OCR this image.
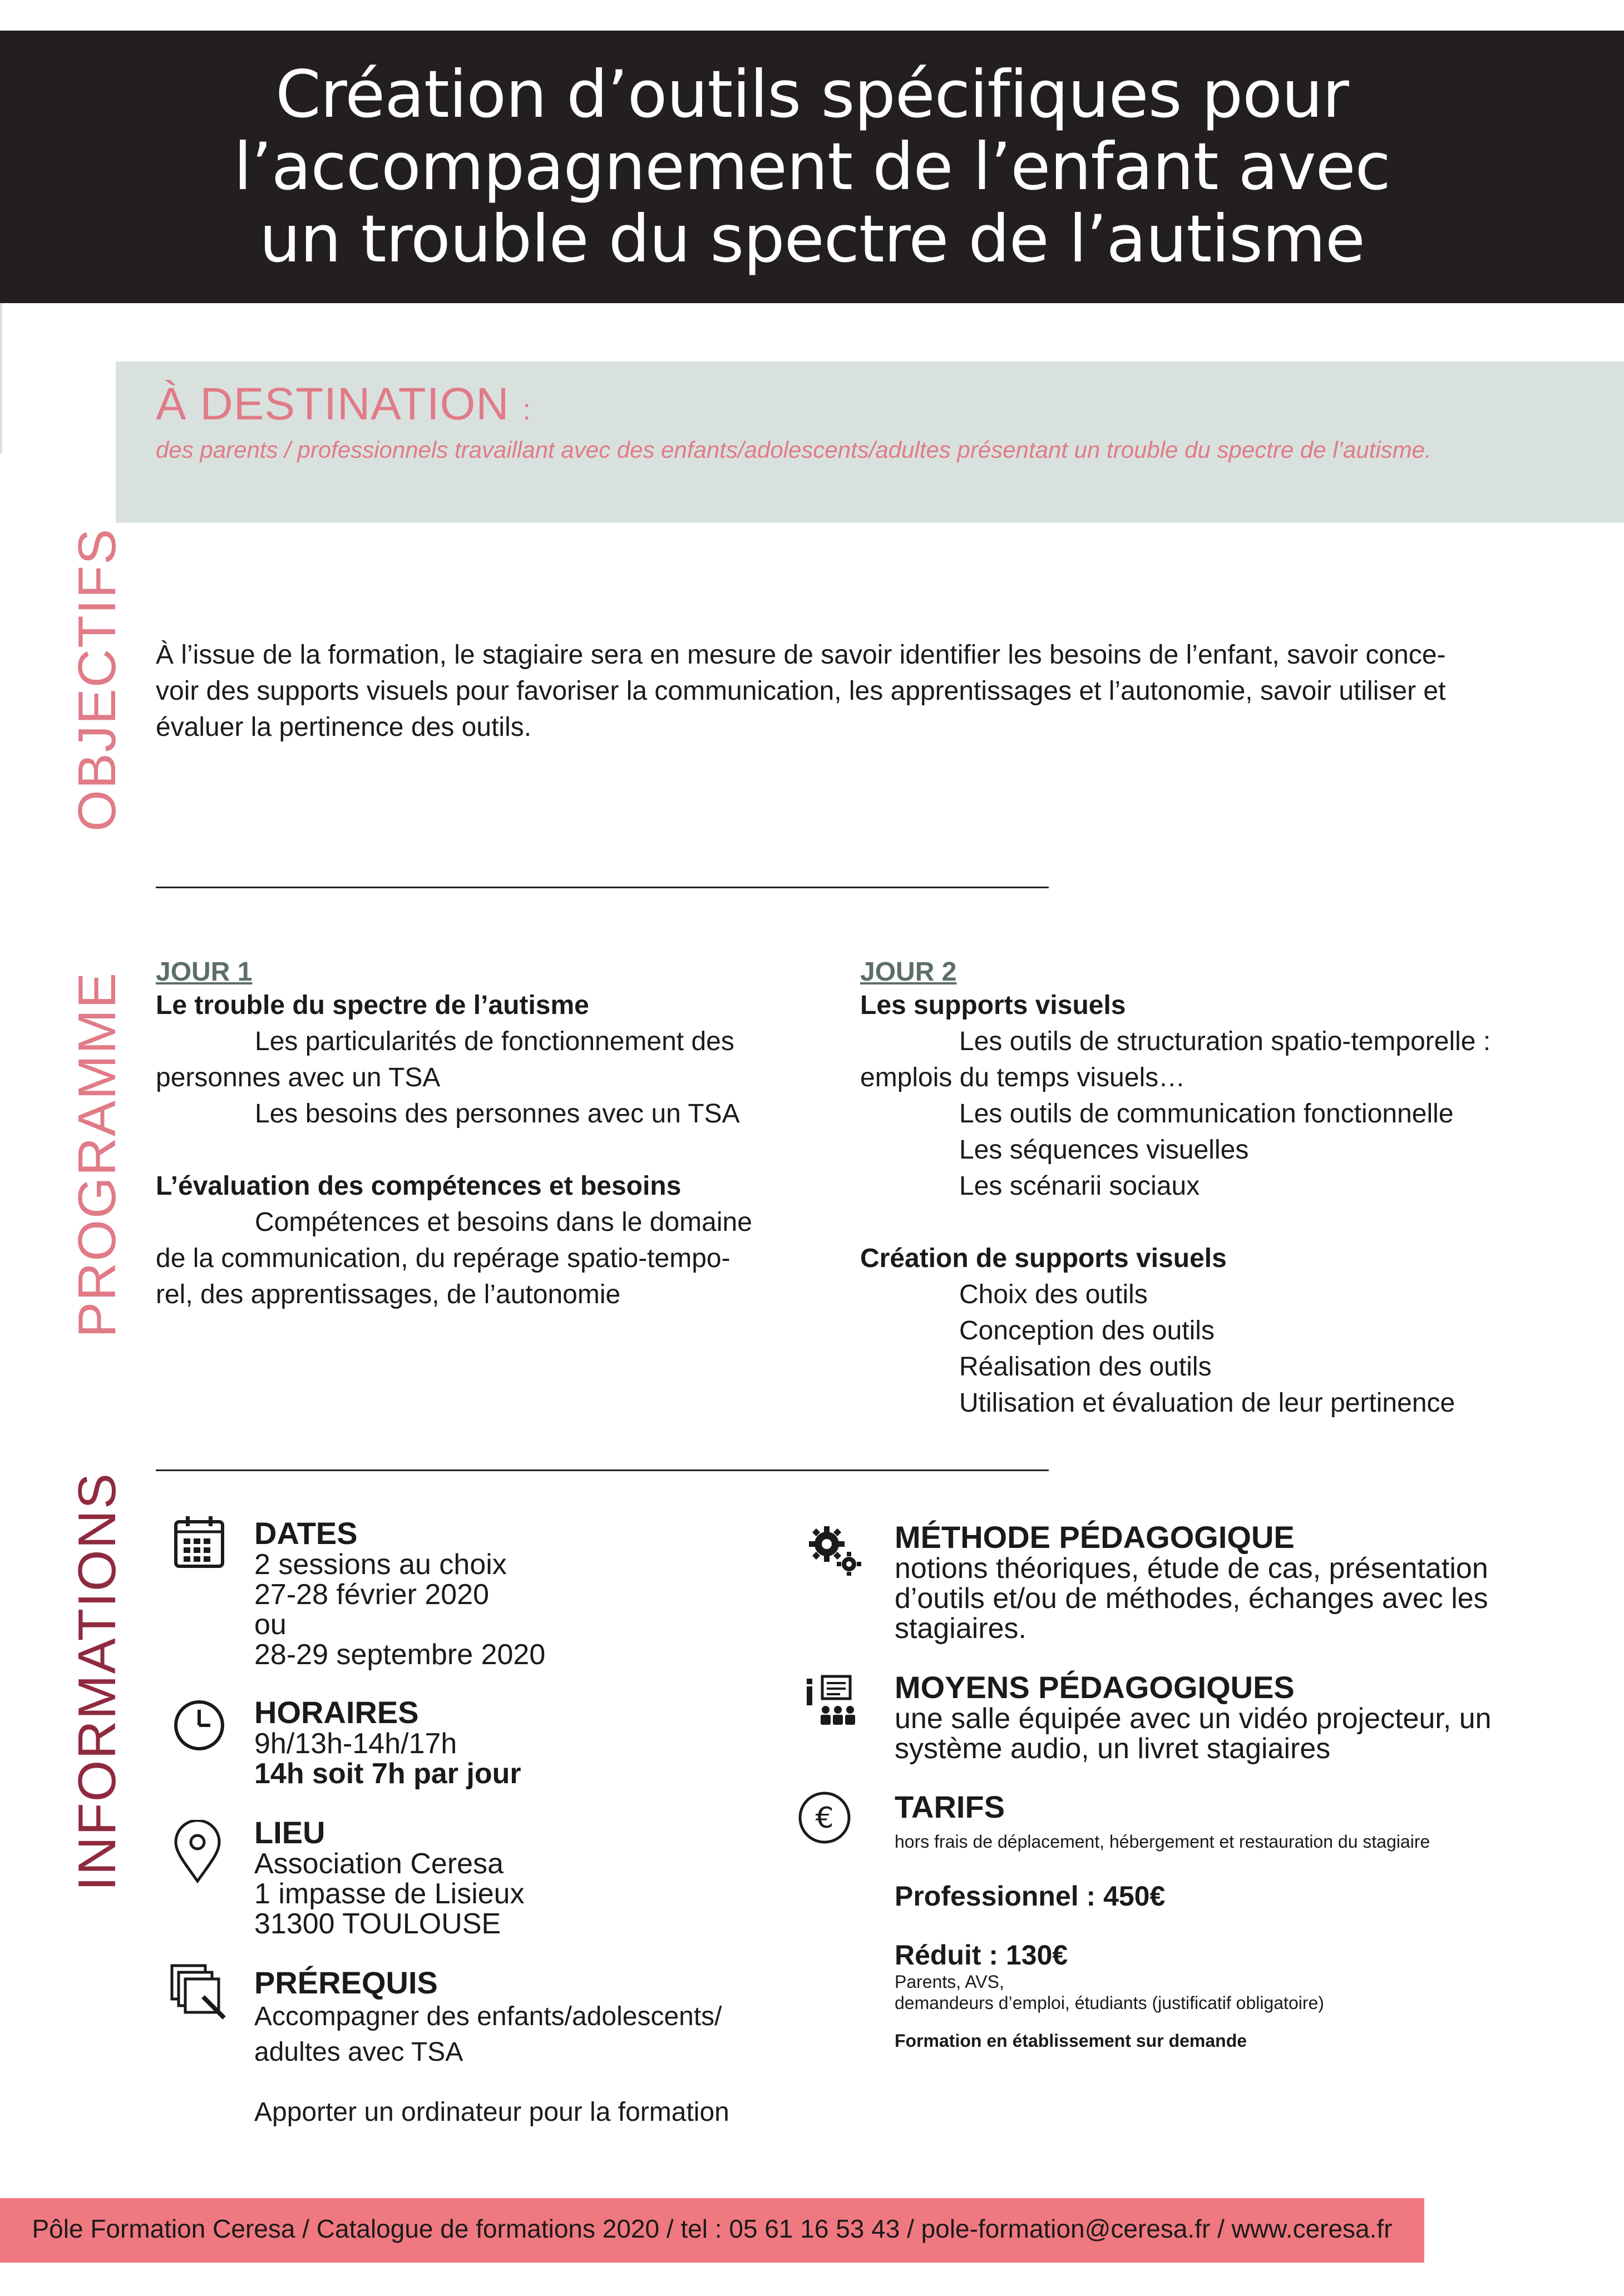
Création d’outils spécifiques pour
l’accompagnement de l’enfant avec
un trouble du spectre de l’autisme
À DESTINATION :
des parents / professionnels travaillant avec des enfants/adolescents/adultes présentant un trouble du spectre de l’autisme.
OBJECTIFS
PROGRAMME
INFORMATIONS
À l’issue de la formation, le stagiaire sera en mesure de savoir identifier les besoins de l’enfant, savoir conce-
voir des supports visuels pour favoriser la communication, les apprentissages et l’autonomie, savoir utiliser et
évaluer la pertinence des outils.
JOUR 1
Le trouble du spectre de l’autisme
Les particularités de fonctionnement des
personnes avec un TSA
Les besoins des personnes avec un TSA
L’évaluation des compétences et besoins
Compétences et besoins dans le domaine
de la communication, du repérage spatio-tempo-
rel, des apprentissages, de l’autonomie
JOUR 2
Les supports visuels
Les outils de structuration spatio-temporelle :
emplois du temps visuels…
Les outils de communication fonctionnelle
Les séquences visuelles
Les scénarii sociaux
Création de supports visuels
Choix des outils
Conception des outils
Réalisation des outils
Utilisation et évaluation de leur pertinence
DATES
2 sessions au choix
27-28 février 2020
ou
28-29 septembre 2020
HORAIRES
9h/13h-14h/17h
14h soit 7h par jour
LIEU
Association Ceresa
1 impasse de Lisieux
31300 TOULOUSE
PRÉREQUIS
Accompagner des enfants/adolescents/
adultes avec TSA
Apporter un ordinateur pour la formation
MÉTHODE PÉDAGOGIQUE
notions théoriques, étude de cas, présentation
d’outils et/ou de méthodes, échanges avec les
stagiaires.
MOYENS PÉDAGOGIQUES
une salle équipée avec un vidéo projecteur, un
système audio, un livret stagiaires
€ TARIFS
hors frais de déplacement, hébergement et restauration du stagiaire
Professionnel : 450€
Réduit : 130€
Parents, AVS,
demandeurs d’emploi, étudiants (justificatif obligatoire)
Formation en établissement sur demande
Pôle Formation Ceresa / Catalogue de formations 2020 / tel : 05 61 16 53 43 / pole-formation@ceresa.fr / www.ceresa.fr
